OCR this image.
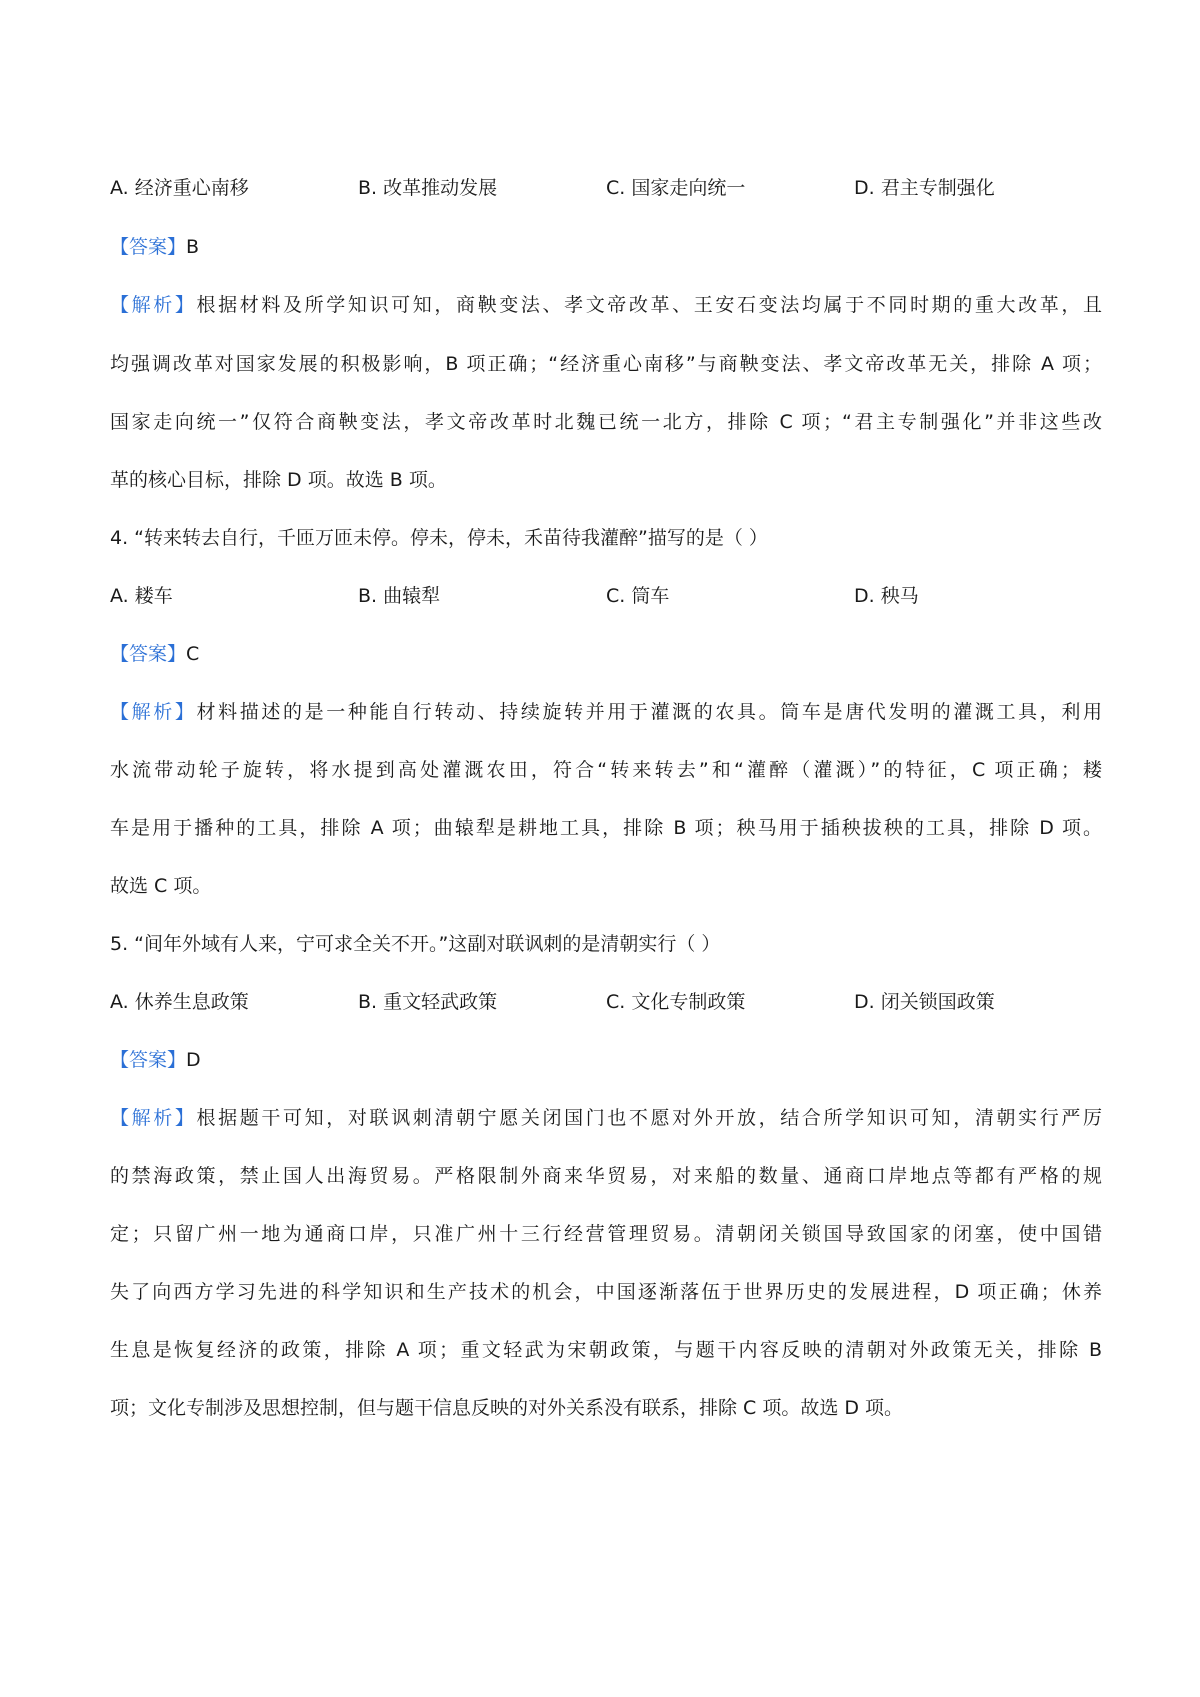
A. 经济重心南移	B. 改革推动发展	C. 国家走向统一	D. 君主专制强化
【答案】B
【解析】根据材料及所学知识可知，商鞅变法、孝文帝改革、王安石变法均属于不同时期的重大改革，且
均强调改革对国家发展的积极影响，B 项正确；“经济重心南移”与商鞅变法、孝文帝改革无关，排除 A 项；
国家走向统一”仅符合商鞅变法，孝文帝改革时北魏已统一北方，排除 C 项；“君主专制强化”并非这些改
革的核心目标，排除 D 项。故选 B 项。
4. “转来转去自行，千匝万匝未停。停未，停未，禾苗待我灌醉”描写的是（ ）
A. 耧车	B. 曲辕犁	C. 筒车	D. 秧马
【答案】C
【解析】材料描述的是一种能自行转动、持续旋转并用于灌溉的农具。筒车是唐代发明的灌溉工具，利用
水流带动轮子旋转，将水提到高处灌溉农田，符合“转来转去”和“灌醉（灌溉）”的特征，C 项正确；耧
车是用于播种的工具，排除 A 项；曲辕犁是耕地工具，排除 B 项；秧马用于插秧拔秧的工具，排除 D 项。
故选 C 项。
5. “间年外域有人来，宁可求全关不开。”这副对联讽刺的是清朝实行（ ）
A. 休养生息政策	B. 重文轻武政策	C. 文化专制政策	D. 闭关锁国政策
【答案】D
【解析】根据题干可知，对联讽刺清朝宁愿关闭国门也不愿对外开放，结合所学知识可知，清朝实行严厉
的禁海政策，禁止国人出海贸易。严格限制外商来华贸易，对来船的数量、通商口岸地点等都有严格的规
定；只留广州一地为通商口岸，只准广州十三行经营管理贸易。清朝闭关锁国导致国家的闭塞，使中国错
失了向西方学习先进的科学知识和生产技术的机会，中国逐渐落伍于世界历史的发展进程，D 项正确；休养
生息是恢复经济的政策，排除 A 项；重文轻武为宋朝政策，与题干内容反映的清朝对外政策无关，排除 B
项；文化专制涉及思想控制，但与题干信息反映的对外关系没有联系，排除 C 项。故选 D 项。
